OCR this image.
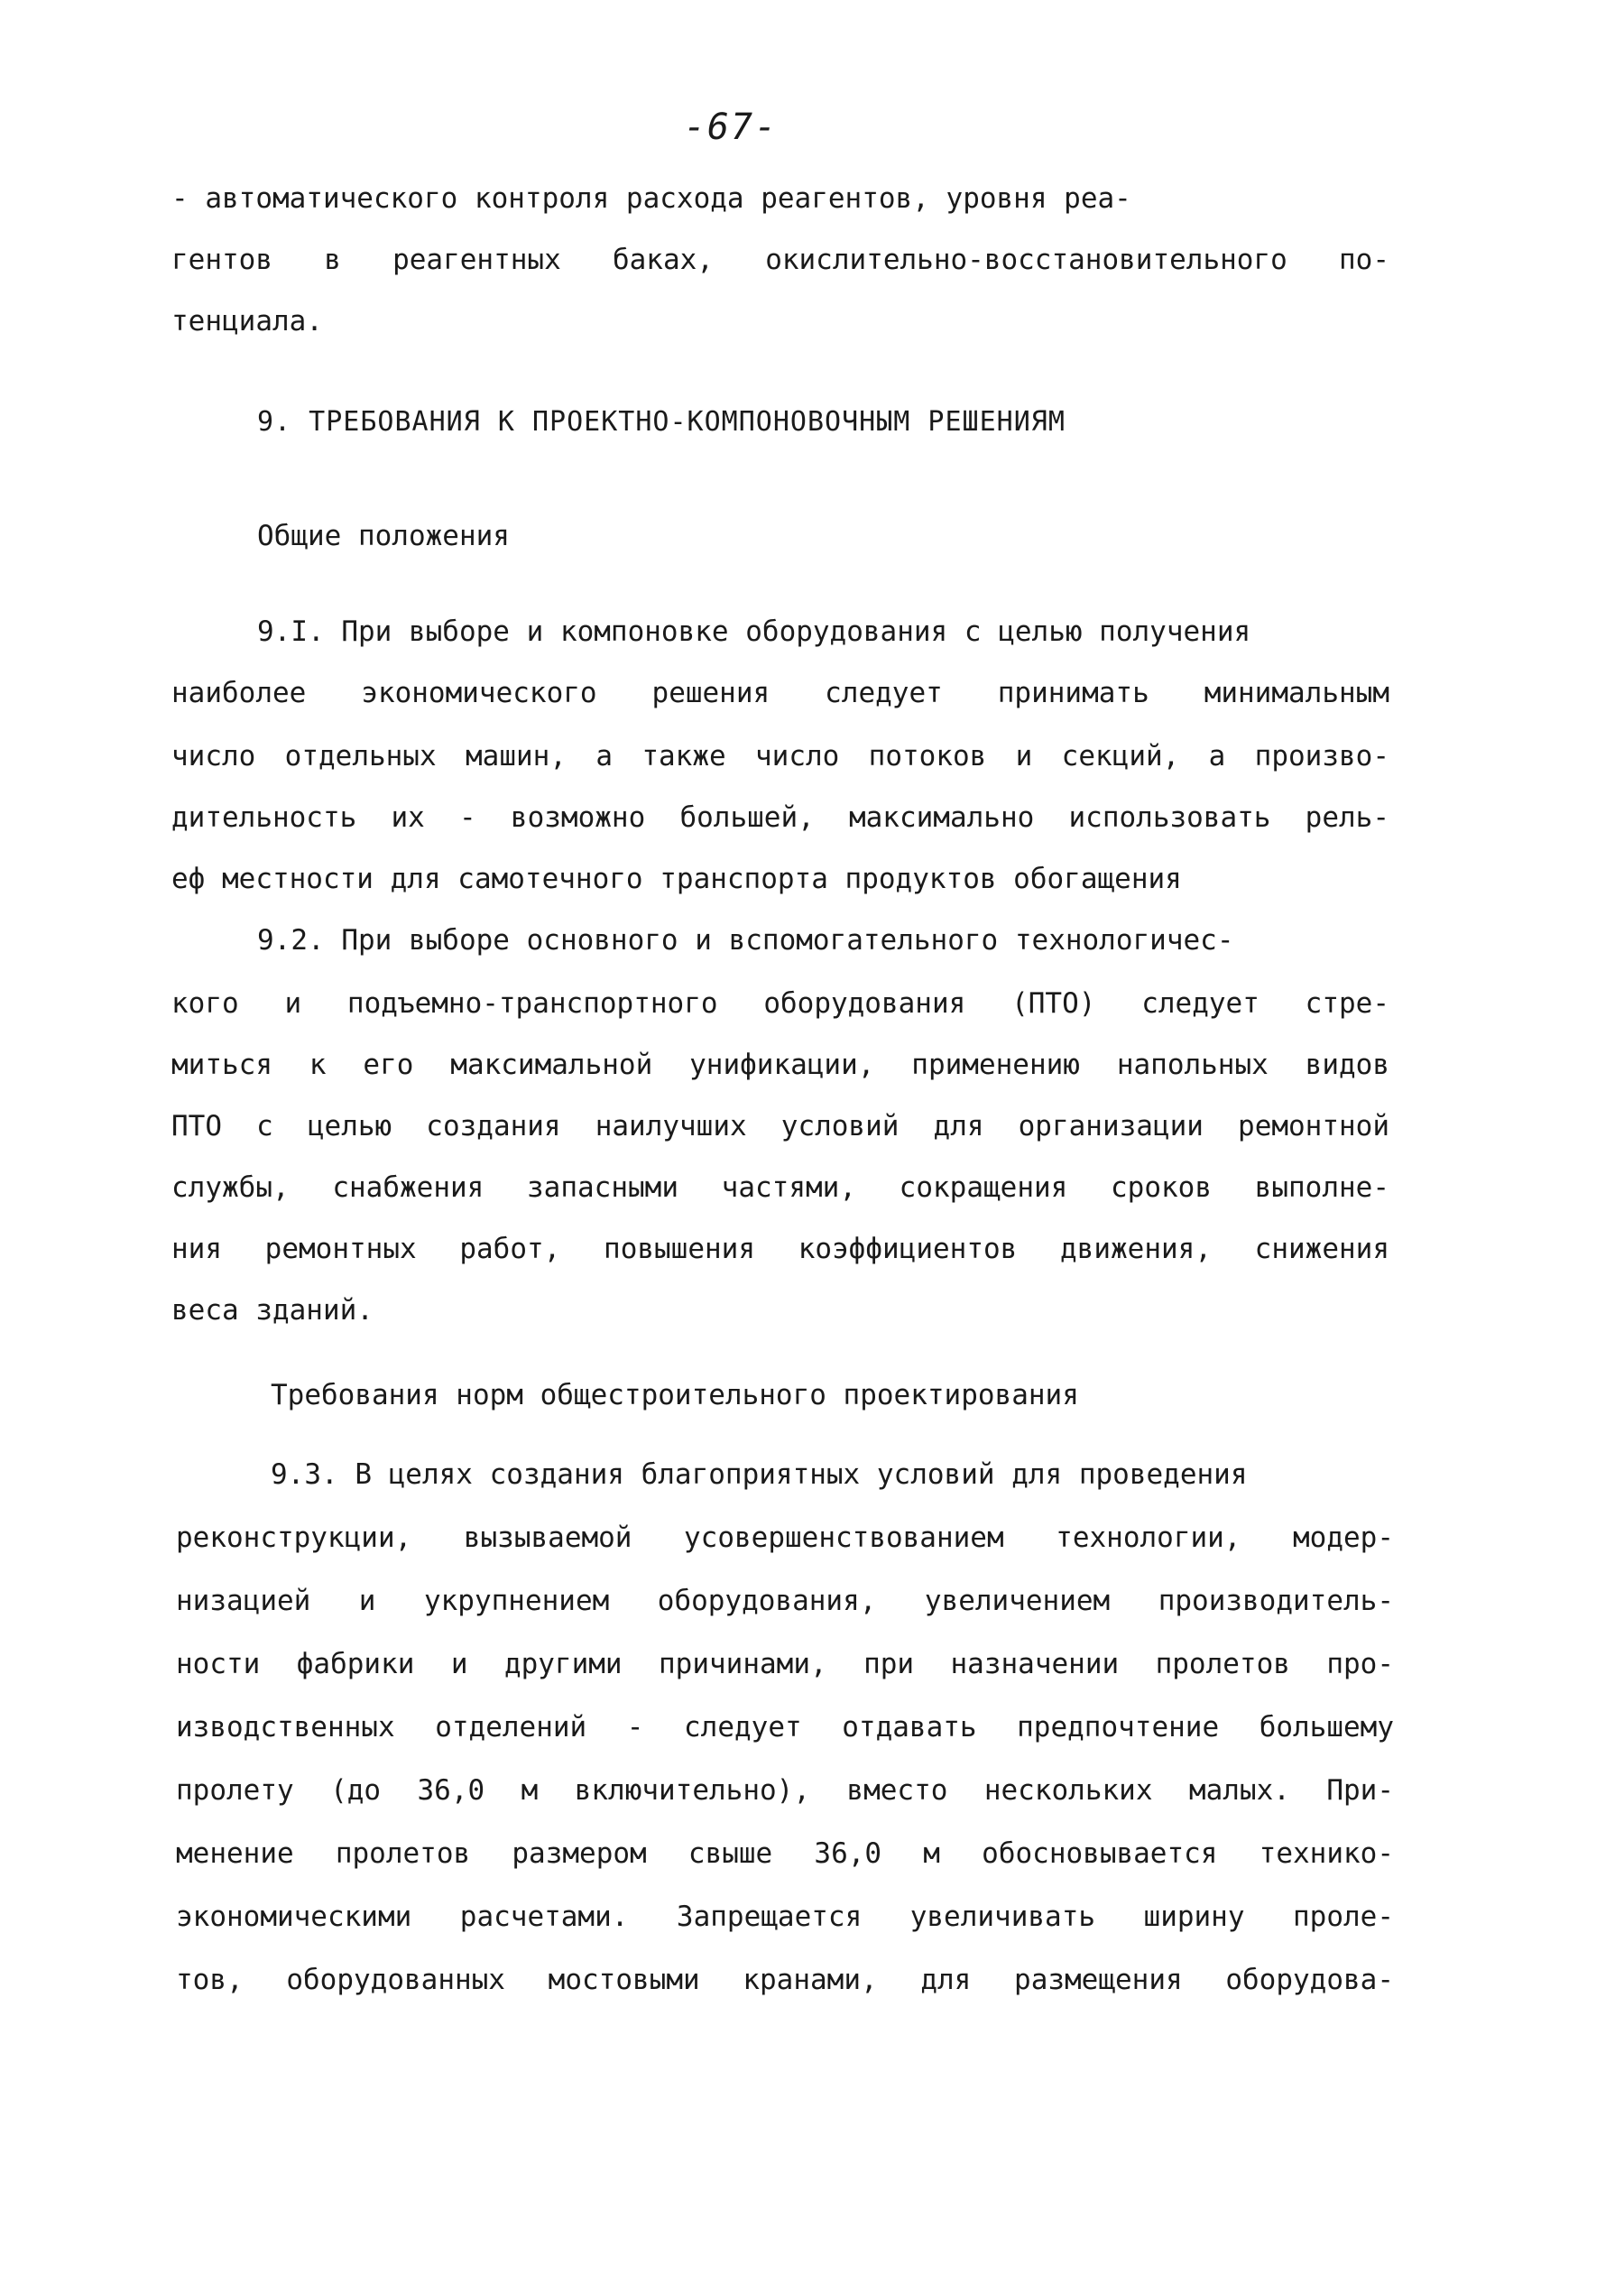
-67-
- автоматического контроля расхода реагентов, уровня реа-
гентов в реагентных баках, окислительно-восстановительного по-
тенциала.
9. ТРЕБОВАНИЯ К ПРОЕКТНО-КОМПОНОВОЧНЫМ РЕШЕНИЯМ
Общие положения
9.I. При выборе и компоновке оборудования с целью получения
наиболее экономического решения следует принимать минимальным
число отдельных машин, а также число потоков и секций, а произво-
дительность их - возможно большей, максимально использовать рель-
еф местности для самотечного транспорта продуктов обогащения
9.2. При выборе основного и вспомогательного технологичес-
кого и подъемно-транспортного оборудования (ПТО) следует стре-
миться к его максимальной унификации, применению напольных видов
ПТО с целью создания наилучших условий для организации ремонтной
службы, снабжения запасными частями, сокращения сроков выполне-
ния ремонтных работ, повышения коэффициентов движения, снижения
веса зданий.
Требования норм общестроительного проектирования
9.3. В целях создания благоприятных условий для проведения
реконструкции, вызываемой усовершенствованием технологии, модер-
низацией и укрупнением оборудования, увеличением производитель-
ности фабрики и другими причинами, при назначении пролетов про-
изводственных отделений - следует отдавать предпочтение большему
пролету (до 36,0 м включительно), вместо нескольких малых. При-
менение пролетов размером свыше 36,0 м обосновывается технико-
экономическими расчетами. Запрещается увеличивать ширину проле-
тов, оборудованных мостовыми кранами, для размещения оборудова-
